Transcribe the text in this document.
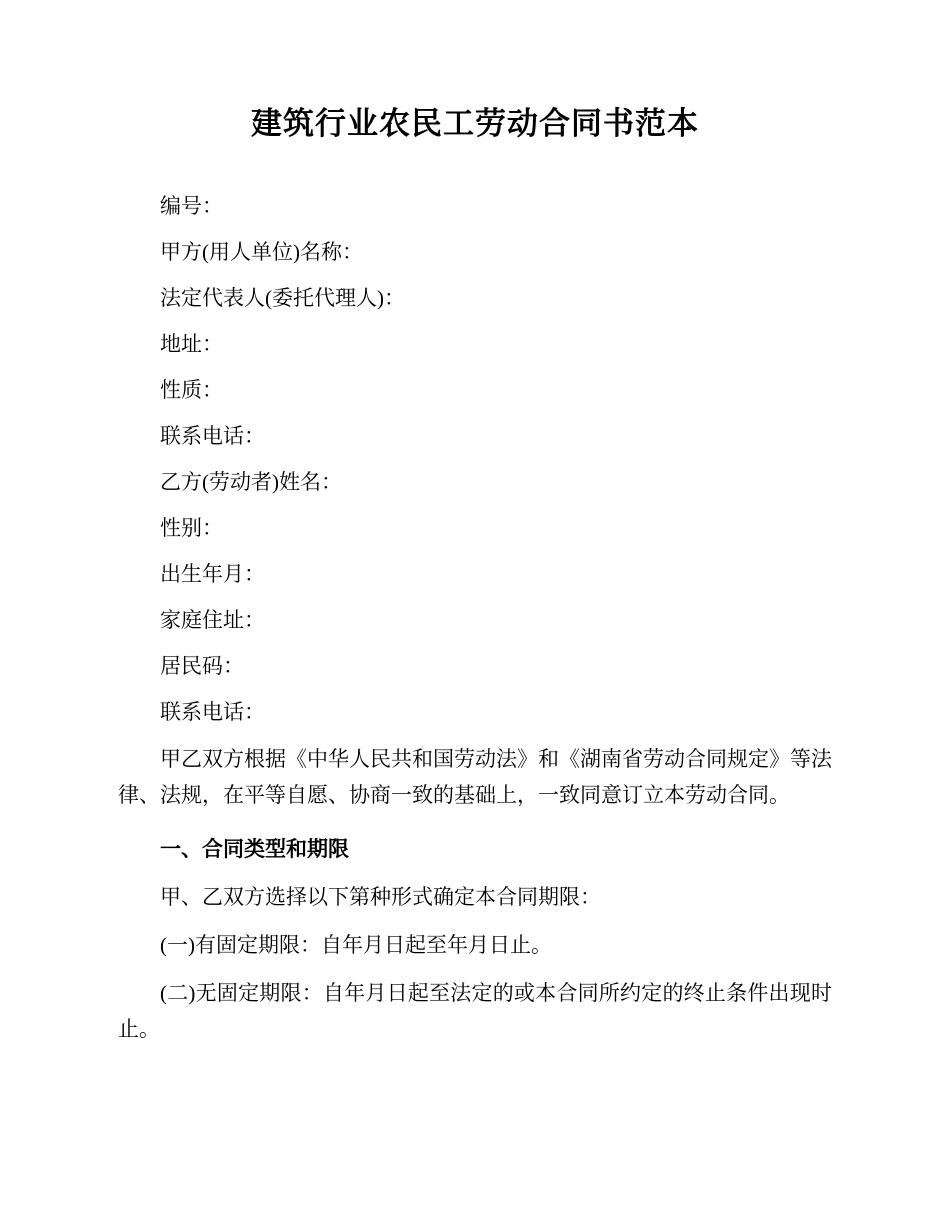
建筑行业农民工劳动合同书范本
编号：
甲方(用人单位)名称：
法定代表人(委托代理人)：
地址：
性质：
联系电话：
乙方(劳动者)姓名：
性别：
出生年月：
家庭住址：
居民码：
联系电话：

甲乙双方根据《中华人民共和国劳动法》和《湖南省劳动合同规定》等法律、法规，在平等自愿、协商一致的基础上，一致同意订立本劳动合同。

一、合同类型和期限

甲、乙双方选择以下第种形式确定本合同期限：

(一)有固定期限：自年月日起至年月日止。

(二)无固定期限：自年月日起至法定的或本合同所约定的终止条件出现时止。
